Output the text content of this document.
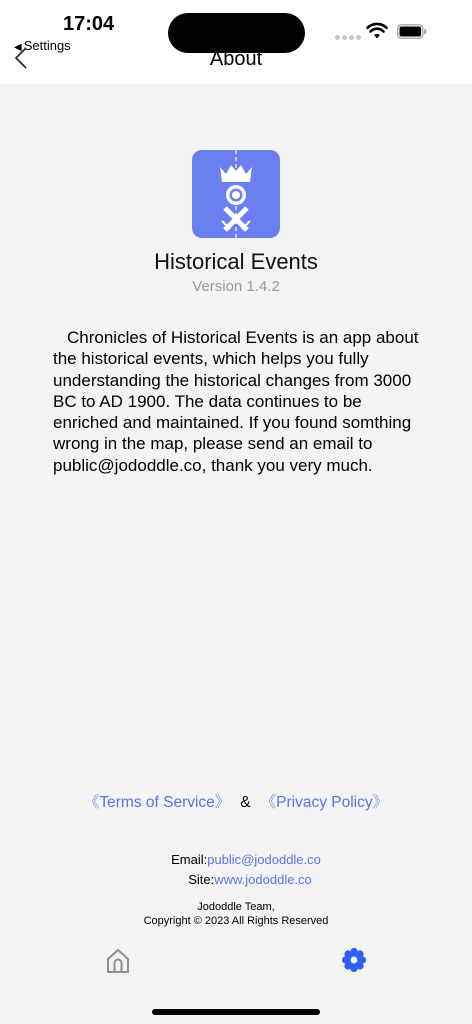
17:04
◀ Settings
About
Historical Events
Version 1.4.2
Chronicles of Historical Events is an app about the historical events, which helps you fully understanding the historical changes from 3000 BC to AD 1900. The data continues to be enriched and maintained. If you found somthing wrong in the map, please send an email to public@jododdle.co, thank you very much.
《Terms of Service》 & 《Privacy Policy》
Email: public@jododdle.co
Site: www.jododdle.co
Jododdle Team,
Copyright © 2023 All Rights Reserved
